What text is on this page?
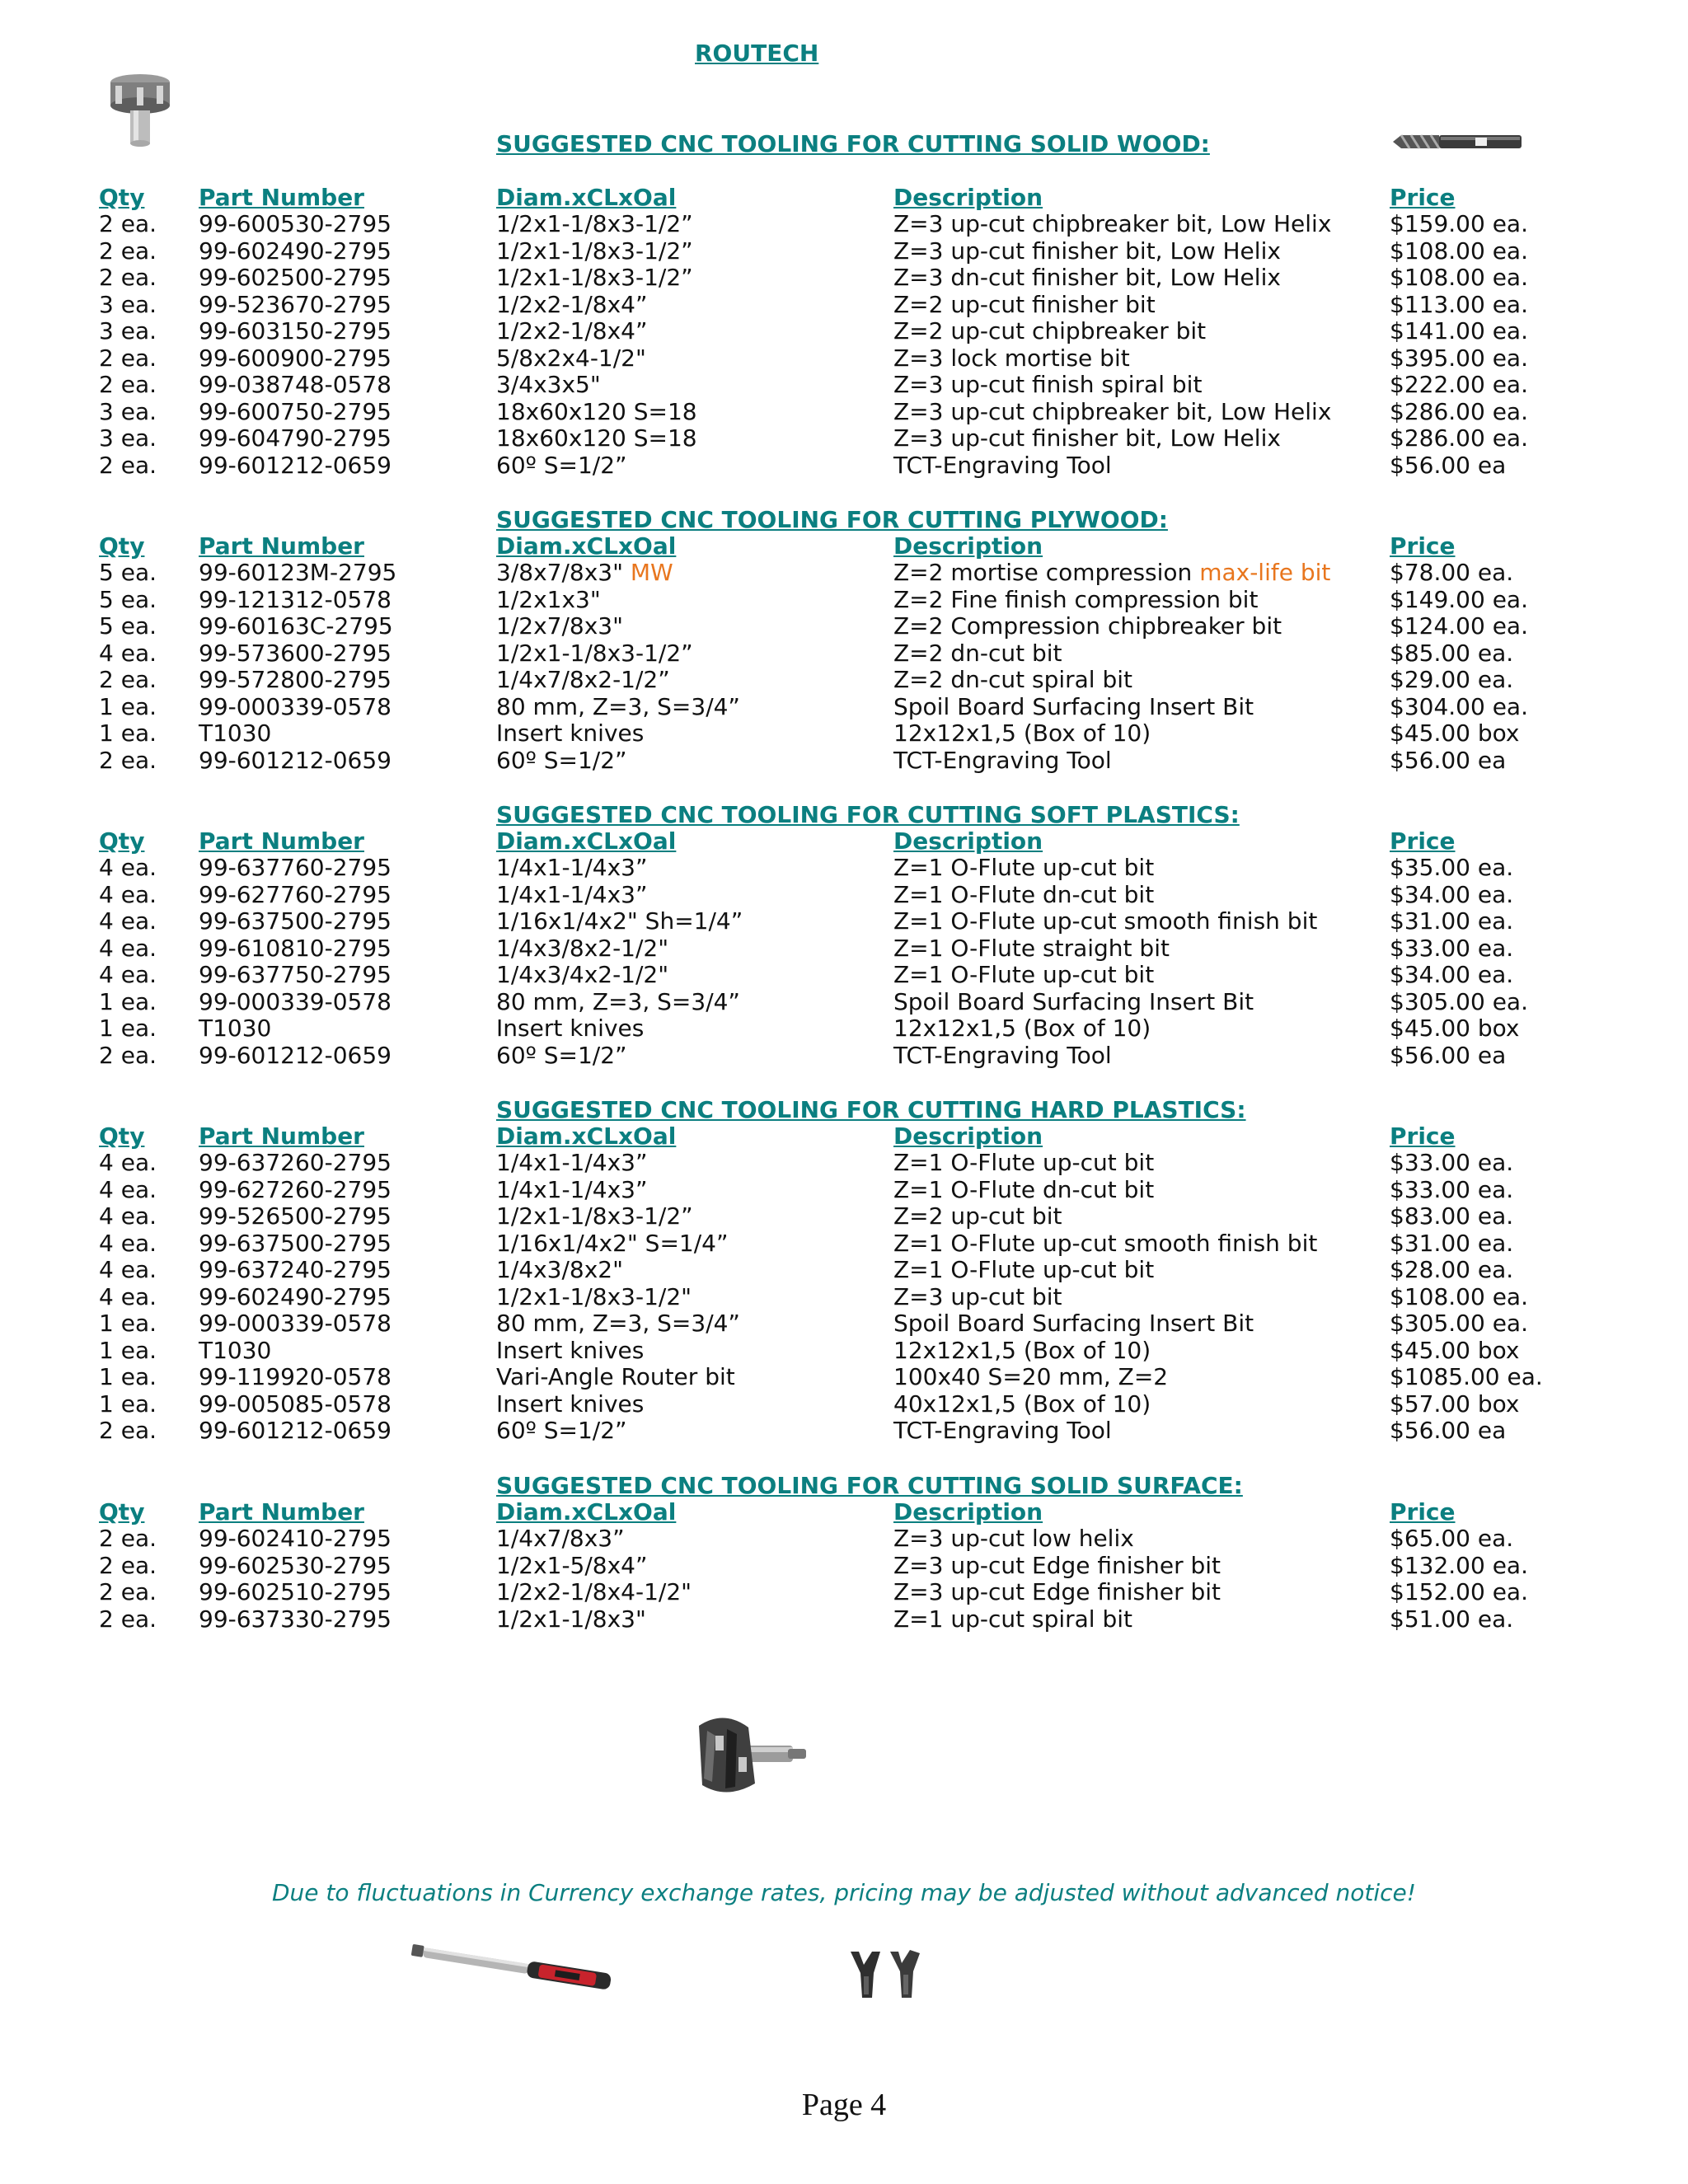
ROUTECH
SUGGESTED CNC TOOLING FOR CUTTING SOLID WOOD:
Qty Part Number	Diam.xCLxOal	Description	Price
2 ea. 99-600530-2795	1/2x1-1/8x3-1/2”	Z=3 up-cut chipbreaker bit, Low Helix	$159.00 ea.
2 ea. 99-602490-2795	1/2x1-1/8x3-1/2”	Z=3 up-cut finisher bit, Low Helix	$108.00 ea.
2 ea. 99-602500-2795	1/2x1-1/8x3-1/2”	Z=3 dn-cut finisher bit, Low Helix	$108.00 ea.
3 ea. 99-523670-2795	1/2x2-1/8x4”	Z=2 up-cut finisher bit	$113.00 ea.
3 ea. 99-603150-2795	1/2x2-1/8x4”	Z=2 up-cut chipbreaker bit	$141.00 ea.
2 ea. 99-600900-2795	5/8x2x4-1/2"	Z=3 lock mortise bit	$395.00 ea.
2 ea. 99-038748-0578	3/4x3x5"	Z=3 up-cut finish spiral bit	$222.00 ea.
3 ea. 99-600750-2795	18x60x120 S=18	Z=3 up-cut chipbreaker bit, Low Helix	$286.00 ea.
3 ea. 99-604790-2795	18x60x120 S=18	Z=3 up-cut finisher bit, Low Helix	$286.00 ea.
2 ea. 99-601212-0659	60º S=1/2”	TCT-Engraving Tool	$56.00 ea
SUGGESTED CNC TOOLING FOR CUTTING PLYWOOD:
Qty Part Number	Diam.xCLxOal	Description	Price
5 ea. 99-60123M-2795	3/8x7/8x3" MW	Z=2 mortise compression max-life bit	$78.00 ea.
5 ea. 99-121312-0578	1/2x1x3"	Z=2 Fine finish compression bit	$149.00 ea.
5 ea. 99-60163C-2795	1/2x7/8x3"	Z=2 Compression chipbreaker bit	$124.00 ea.
4 ea. 99-573600-2795	1/2x1-1/8x3-1/2”	Z=2 dn-cut bit	$85.00 ea.
2 ea. 99-572800-2795	1/4x7/8x2-1/2”	Z=2 dn-cut spiral bit	$29.00 ea.
1 ea. 99-000339-0578	80 mm, Z=3, S=3/4”	Spoil Board Surfacing Insert Bit	$304.00 ea.
1 ea. T1030	Insert knives	12x12x1,5 (Box of 10)	$45.00 box
2 ea. 99-601212-0659	60º S=1/2”	TCT-Engraving Tool	$56.00 ea
SUGGESTED CNC TOOLING FOR CUTTING SOFT PLASTICS:
Qty Part Number	Diam.xCLxOal	Description	Price
4 ea. 99-637760-2795	1/4x1-1/4x3”	Z=1 O-Flute up-cut bit	$35.00 ea.
4 ea. 99-627760-2795	1/4x1-1/4x3”	Z=1 O-Flute dn-cut bit	$34.00 ea.
4 ea. 99-637500-2795	1/16x1/4x2" Sh=1/4”	Z=1 O-Flute up-cut smooth finish bit	$31.00 ea.
4 ea. 99-610810-2795	1/4x3/8x2-1/2"	Z=1 O-Flute straight bit	$33.00 ea.
4 ea. 99-637750-2795	1/4x3/4x2-1/2"	Z=1 O-Flute up-cut bit	$34.00 ea.
1 ea. 99-000339-0578	80 mm, Z=3, S=3/4”	Spoil Board Surfacing Insert Bit	$305.00 ea.
1 ea. T1030	Insert knives	12x12x1,5 (Box of 10)	$45.00 box
2 ea. 99-601212-0659	60º S=1/2”	TCT-Engraving Tool	$56.00 ea
SUGGESTED CNC TOOLING FOR CUTTING HARD PLASTICS:
Qty Part Number	Diam.xCLxOal	Description	Price
4 ea. 99-637260-2795	1/4x1-1/4x3”	Z=1 O-Flute up-cut bit	$33.00 ea.
4 ea. 99-627260-2795	1/4x1-1/4x3”	Z=1 O-Flute dn-cut bit	$33.00 ea.
4 ea. 99-526500-2795	1/2x1-1/8x3-1/2”	Z=2 up-cut bit	$83.00 ea.
4 ea. 99-637500-2795	1/16x1/4x2" S=1/4”	Z=1 O-Flute up-cut smooth finish bit	$31.00 ea.
4 ea. 99-637240-2795	1/4x3/8x2"	Z=1 O-Flute up-cut bit	$28.00 ea.
4 ea. 99-602490-2795	1/2x1-1/8x3-1/2"	Z=3 up-cut bit	$108.00 ea.
1 ea. 99-000339-0578	80 mm, Z=3, S=3/4”	Spoil Board Surfacing Insert Bit	$305.00 ea.
1 ea. T1030	Insert knives	12x12x1,5 (Box of 10)	$45.00 box
1 ea. 99-119920-0578	Vari-Angle Router bit	100x40 S=20 mm, Z=2	$1085.00 ea.
1 ea. 99-005085-0578	Insert knives	40x12x1,5 (Box of 10)	$57.00 box
2 ea. 99-601212-0659	60º S=1/2”	TCT-Engraving Tool	$56.00 ea
SUGGESTED CNC TOOLING FOR CUTTING SOLID SURFACE:
Qty Part Number	Diam.xCLxOal	Description	Price
2 ea. 99-602410-2795	1/4x7/8x3”	Z=3 up-cut low helix	$65.00 ea.
2 ea. 99-602530-2795	1/2x1-5/8x4”	Z=3 up-cut Edge finisher bit	$132.00 ea.
2 ea. 99-602510-2795	1/2x2-1/8x4-1/2"	Z=3 up-cut Edge finisher bit	$152.00 ea.
2 ea. 99-637330-2795	1/2x1-1/8x3"	Z=1 up-cut spiral bit	$51.00 ea.
Due to fluctuations in Currency exchange rates, pricing may be adjusted without advanced notice!
Page 4
